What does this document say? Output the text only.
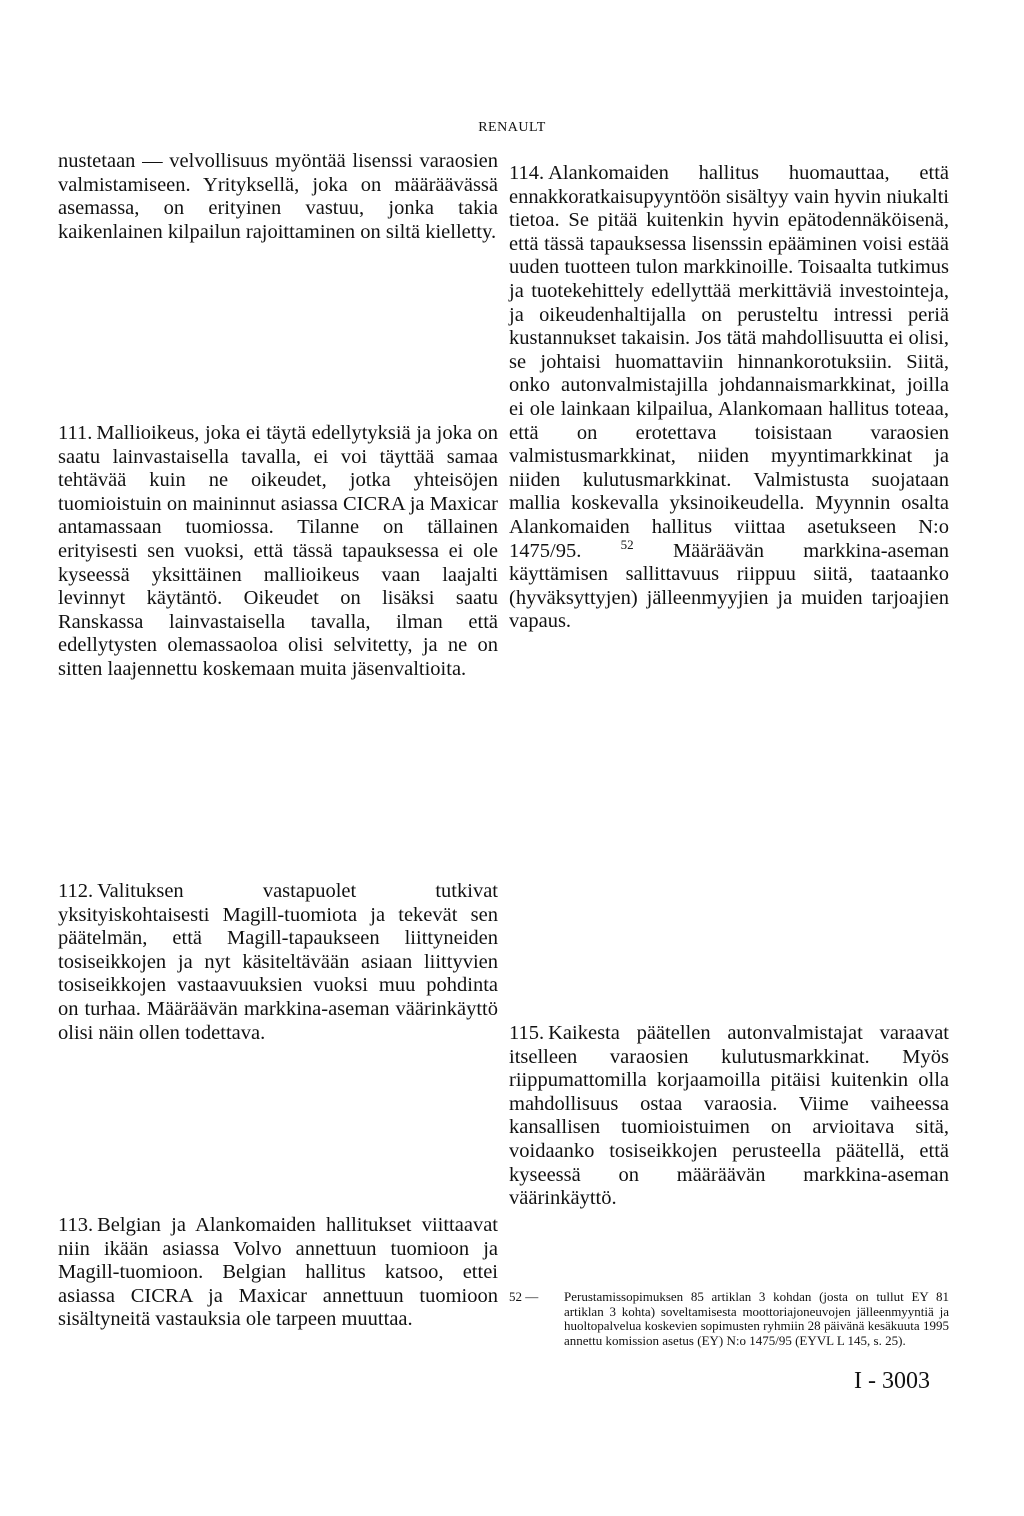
RENAULT

nustetaan — velvollisuus myöntää lisenssi varaosien valmistamiseen. Yrityksellä, joka on määräävässä asemassa, on erityinen vastuu, jonka takia kaikenlainen kilpailun rajoittaminen on siltä kielletty.

111. Mallioikeus, joka ei täytä edellytyksiä ja joka on saatu lainvastaisella tavalla, ei voi täyttää samaa tehtävää kuin ne oikeudet, jotka yhteisöjen tuomioistuin on maininnut asiassa CICRA ja Maxicar antamassaan tuomiossa. Tilanne on tällainen erityisesti sen vuoksi, että tässä tapauksessa ei ole kyseessä yksittäinen mallioikeus vaan laajalti levinnyt käytäntö. Oikeudet on lisäksi saatu Ranskassa lainvastaisella tavalla, ilman että edellytysten olemassaoloa olisi selvitetty, ja ne on sitten laajennettu koskemaan muita jäsenvaltioita.

112. Valituksen vastapuolet tutkivat yksityiskohtaisesti Magill-tuomiota ja tekevät sen päätelmän, että Magill-tapaukseen liittyneiden tosiseikkojen ja nyt käsiteltävään asiaan liittyvien tosiseikkojen vastaavuuksien vuoksi muu pohdinta on turhaa. Määräävän markkina-aseman väärinkäyttö olisi näin ollen todettava.

113. Belgian ja Alankomaiden hallitukset viittaavat niin ikään asiassa Volvo annettuun tuomioon ja Magill-tuomioon. Belgian hallitus katsoo, ettei asiassa CICRA ja Maxicar annettuun tuomioon sisältyneitä vastauksia ole tarpeen muuttaa.

114. Alankomaiden hallitus huomauttaa, että ennakkoratkaisupyyntöön sisältyy vain hyvin niukalti tietoa. Se pitää kuitenkin hyvin epätodennäköisenä, että tässä tapauksessa lisenssin epääminen voisi estää uuden tuotteen tulon markkinoille. Toisaalta tutkimus ja tuotekehittely edellyttää merkittäviä investointeja, ja oikeudenhaltijalla on perusteltu intressi periä kustannukset takaisin. Jos tätä mahdollisuutta ei olisi, se johtaisi huomattaviin hinnankorotuksiin. Siitä, onko autonvalmistajilla johdannaismarkkinat, joilla ei ole lainkaan kilpailua, Alankomaan hallitus toteaa, että on erotettava toisistaan varaosien valmistusmarkkinat, niiden myyntimarkkinat ja niiden kulutusmarkkinat. Valmistusta suojataan mallia koskevalla yksinoikeudella. Myynnin osalta Alankomaiden hallitus viittaa asetukseen N:o 1475/95.	$^{52}$ Määräävän markkina-aseman käyttämisen sallittavuus riippuu siitä, taataanko (hyväksyttyjen) jälleenmyyjien ja muiden tarjoajien vapaus.

115. Kaikesta päätellen autonvalmistajat varaavat itselleen varaosien kulutusmarkkinat. Myös riippumattomilla korjaamoilla pitäisi kuitenkin olla mahdollisuus ostaa varaosia. Viime vaiheessa kansallisen tuomioistuimen on arvioitava sitä, voidaanko tosiseikkojen perusteella päätellä, että kyseessä on määräävän markkina-aseman väärinkäyttö.

52 —	Perustamissopimuksen 85 artiklan 3 kohdan (josta on tullut EY 81 artiklan 3 kohta) soveltamisesta moottoriajoneuvojen jälleenmyyntiä ja huoltopalvelua koskevien sopimusten ryhmiin 28 päivänä kesäkuuta 1995 annettu komission asetus (EY) N:o 1475/95 (EYVL L 145, s. 25).
I - 3003
